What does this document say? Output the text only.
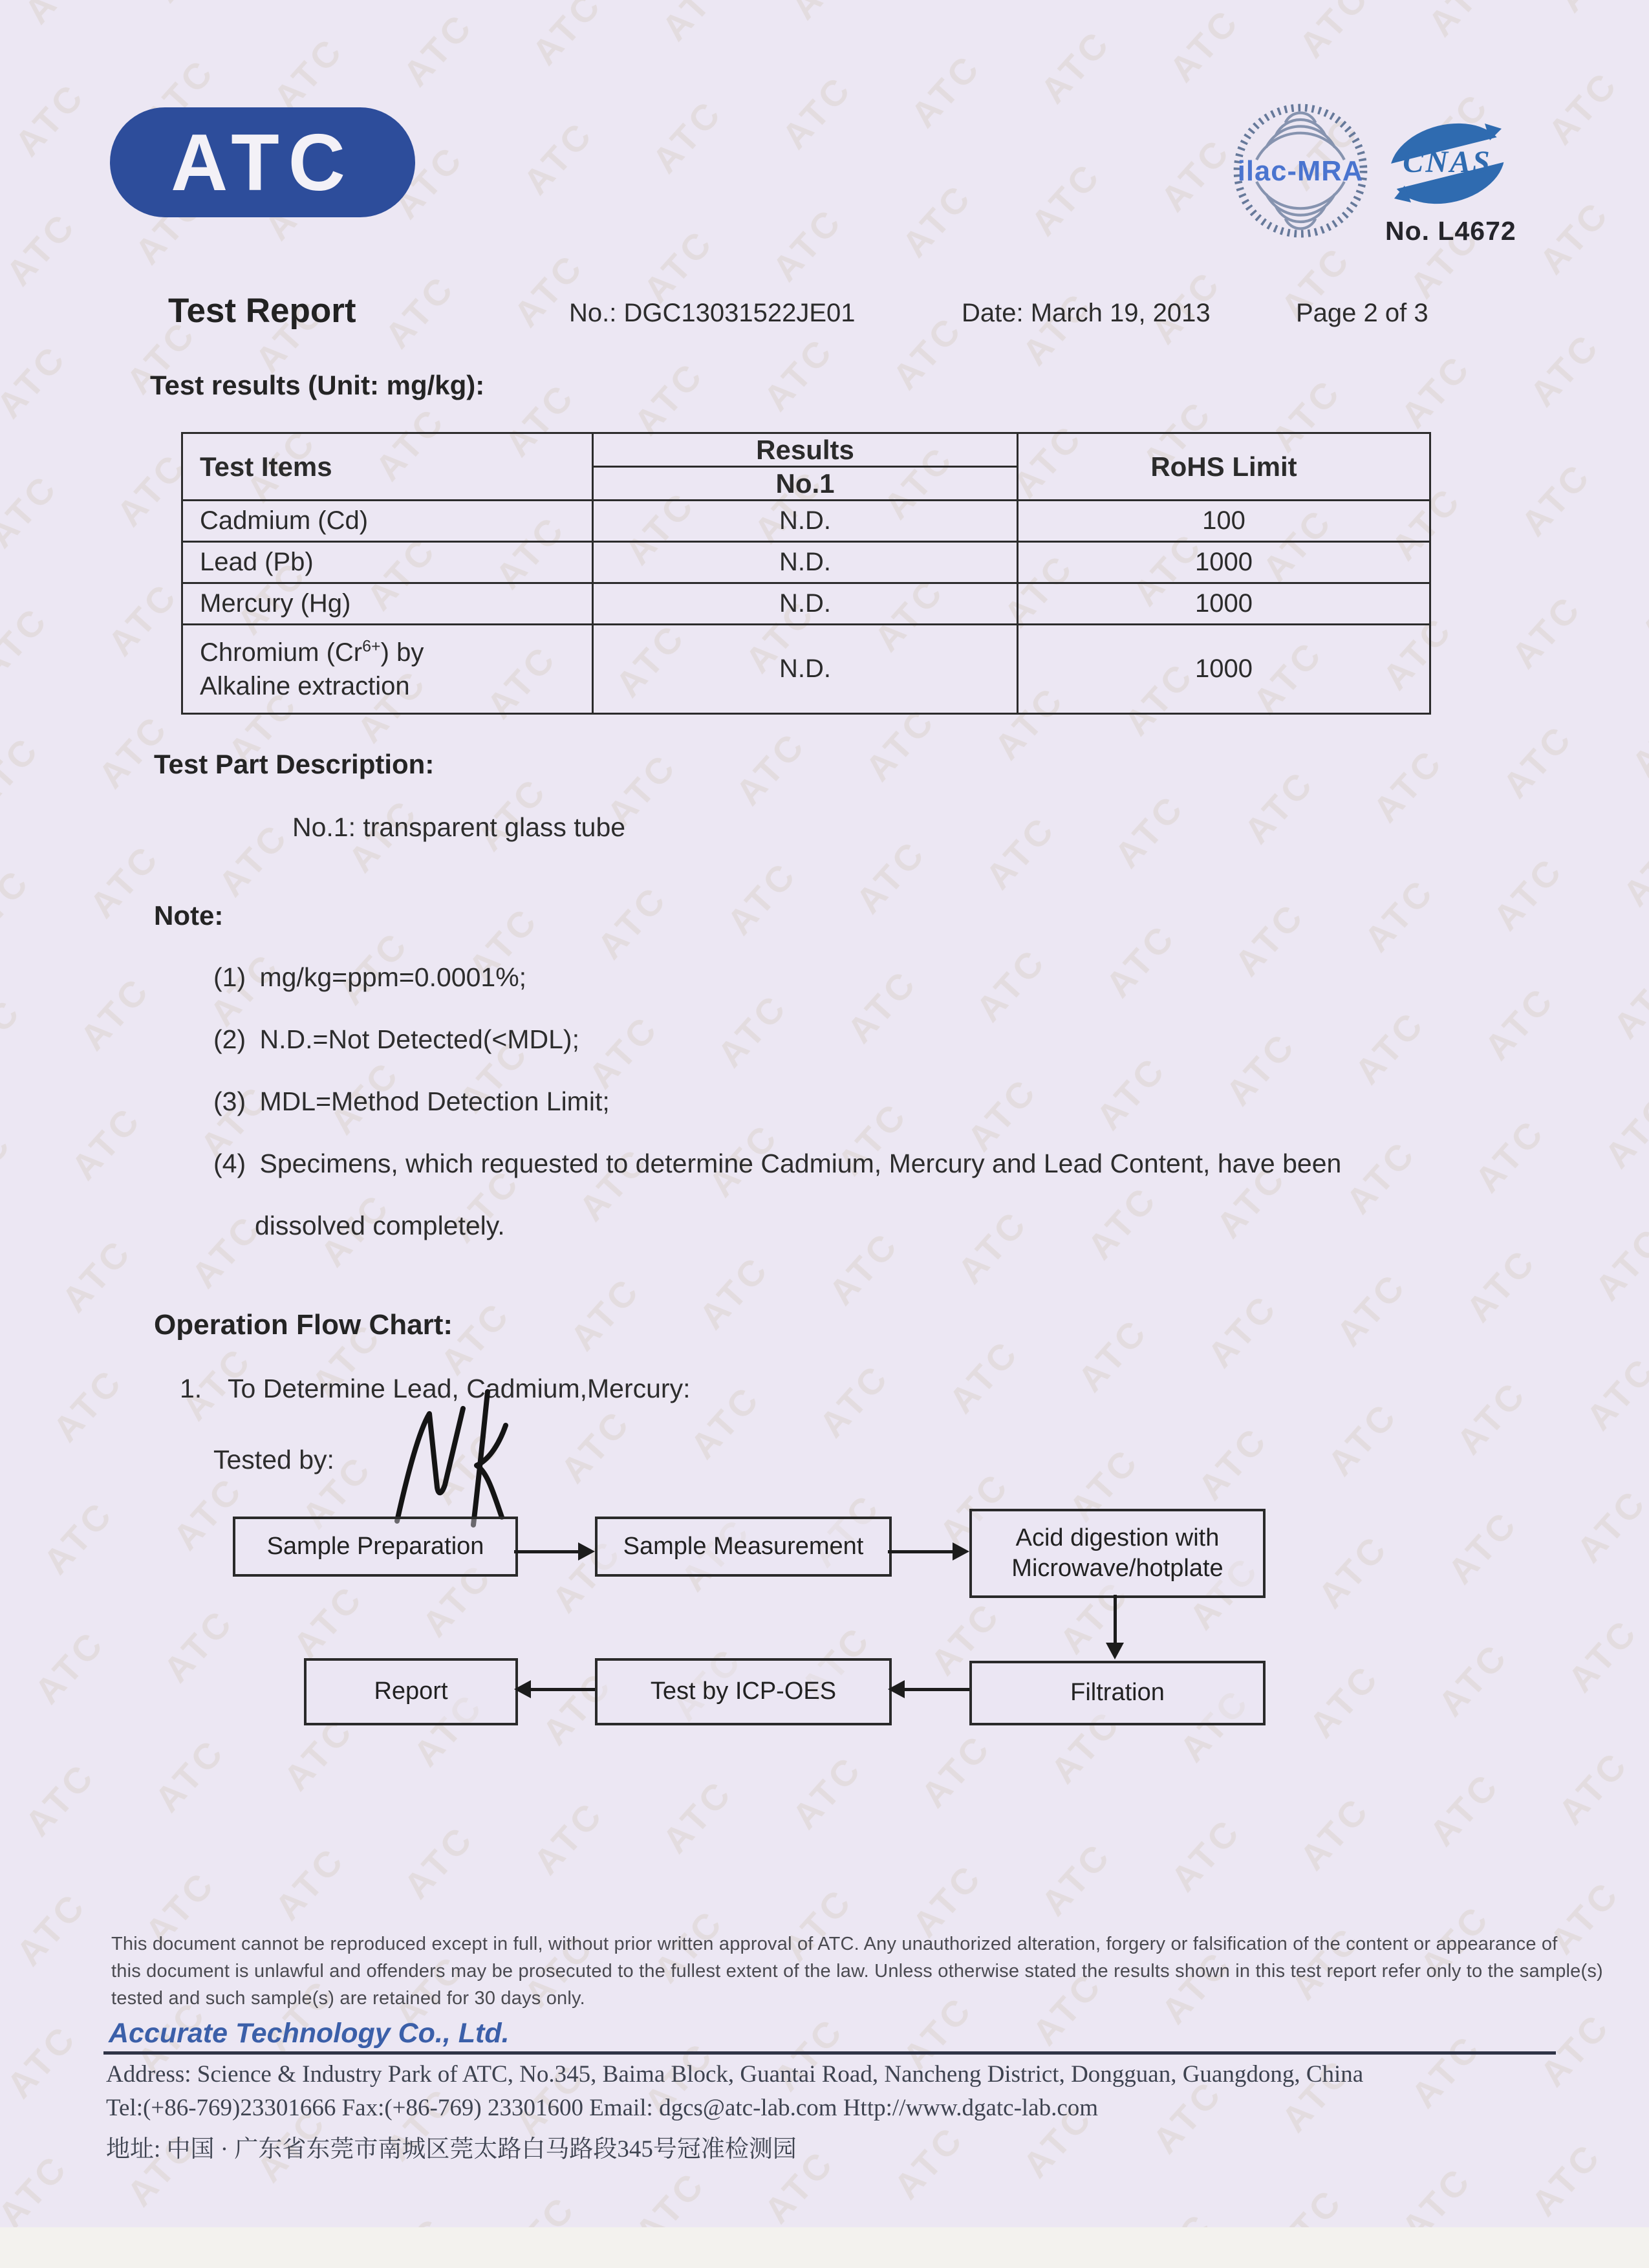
ATC	ilac-MRA CNAS
No. L4672
Test Report	No.: DGC13031522JE01	Date: March 19, 2013	Page 2 of 3
Test results (Unit: mg/kg):
Test Items	Results	RoHS Limit
	No.1	
Cadmium (Cd)	N.D.	100
Lead (Pb)	N.D.	1000
Mercury (Hg)	N.D.	1000
Chromium $(Cr^{6+})$ by
Alkaline extraction	N.D.	1000
Test Part Description:
No.1: transparent glass tube
Note:
(1) mg/kg=ppm=0.0001%;
(2) N.D.=Not Detected(<MDL);
(3) MDL=Method Detection Limit;
(4) Specimens, which requested to determine Cadmium, Mercury and Lead Content, have been
dissolved completely.
Operation Flow Chart:
1. To Determine Lead, Cadmium,Mercury:
Tested by:
Sample Preparation	Sample Measurement	Acid digestion with
Microwave/hotplate
Report	Test by ICP-OES	Filtration
This document cannot be reproduced except in full, without prior written approval of ATC. Any unauthorized alteration, forgery or falsification of the content or appearance of
this document is unlawful and offenders may be prosecuted to the fullest extent of the law. Unless otherwise stated the results shown in this test report refer only to the sample(s)
tested and such sample(s) are retained for 30 days only.
Accurate Technology Co., Ltd.
Address: Science & Industry Park of ATC, No.345, Baima Block, Guantai Road, Nancheng District, Dongguan, Guangdong, China
Tel:(+86-769)23301666 Fax:(+86-769) 23301600 Email: dgcs@atc-lab.com Http://www.dgatc-lab.com
地址: 中国 · 广东省东莞市南城区莞太路白马路段345号冠准检测园
